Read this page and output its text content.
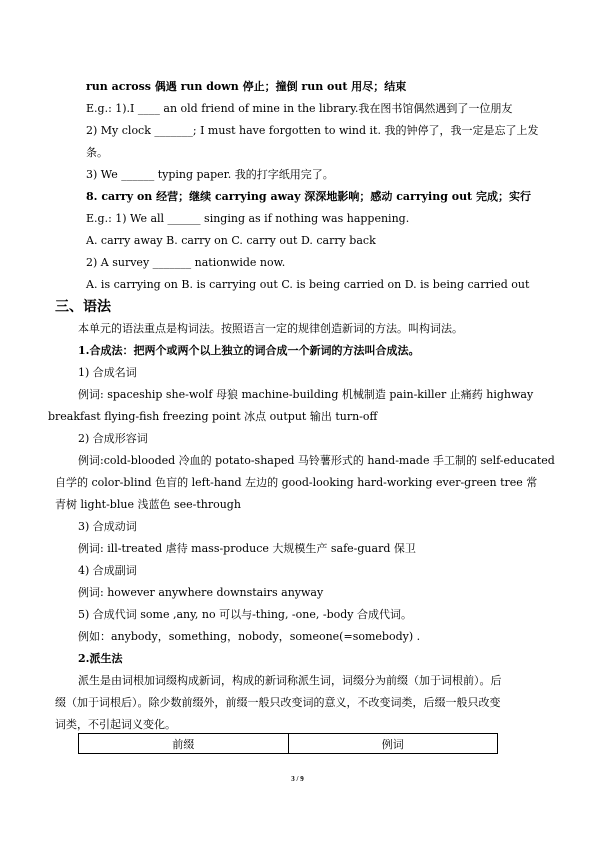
run across 偶遇 run down 停止；撞倒 run out 用尽；结束
E.g.: 1).I ____ an old friend of mine in the library.我在图书馆偶然遇到了一位朋友
2) My clock _______; I must have forgotten to wind it. 我的钟停了，我一定是忘了上发
条。
3) We ______ typing paper. 我的打字纸用完了。
8. carry on 经营；继续 carrying away 深深地影响；感动 carrying out 完成；实行
E.g.: 1) We all ______ singing as if nothing was happening.
A. carry away B. carry on C. carry out D. carry back
2) A survey _______ nationwide now.
A. is carrying on B. is carrying out C. is being carried on D. is being carried out
三、语法
本单元的语法重点是构词法。按照语言一定的规律创造新词的方法。叫构词法。
1.合成法：把两个或两个以上独立的词合成一个新词的方法叫合成法。
1) 合成名词
例词: spaceship she-wolf 母狼 machine-building 机械制造 pain-killer 止痛药 highway
breakfast flying-fish freezing point 冰点 output 输出 turn-off
2) 合成形容词
例词:cold-blooded 冷血的 potato-shaped 马铃薯形式的 hand-made 手工制的 self-educated
自学的 color-blind 色盲的 left-hand 左边的 good-looking hard-working ever-green tree 常
青树 light-blue 浅蓝色 see-through
3) 合成动词
例词: ill-treated 虐待 mass-produce 大规模生产 safe-guard 保卫
4) 合成副词
例词: however anywhere downstairs anyway
5) 合成代词 some ,any, no 可以与-thing, -one, -body 合成代词。
例如：anybody，something，nobody，someone(=somebody) .
2.派生法
派生是由词根加词缀构成新词，构成的新词称派生词，词缀分为前缀（加于词根前）。后
缀（加于词根后）。除少数前缀外，前缀一般只改变词的意义，不改变词类，后缀一般只改变
词类，不引起词义变化。
前缀	例词
3 / 9
